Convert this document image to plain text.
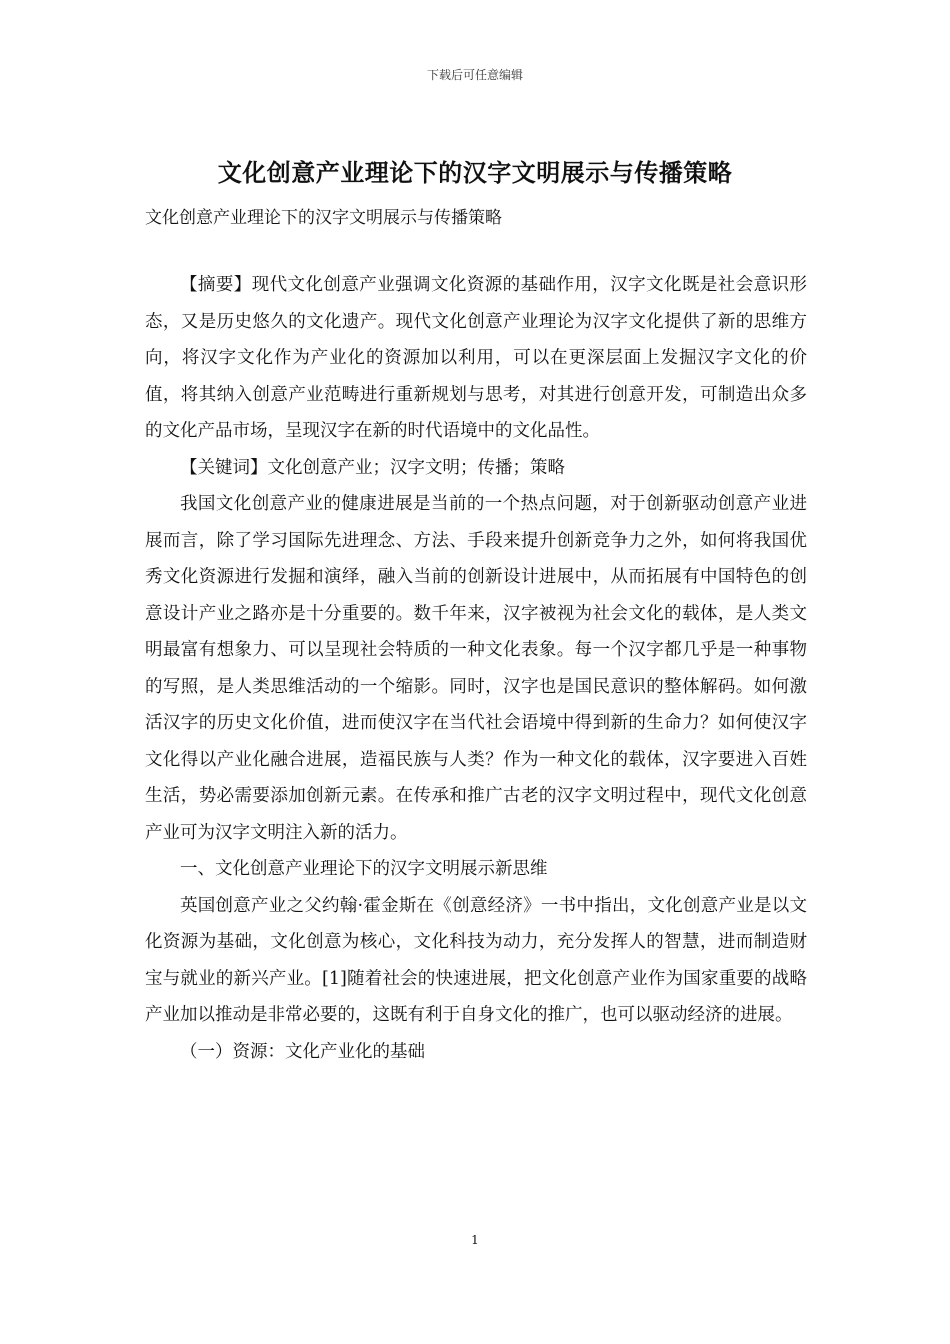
下载后可任意编辑
文化创意产业理论下的汉字文明展示与传播策略
文化创意产业理论下的汉字文明展示与传播策略

【摘要】现代文化创意产业强调文化资源的基础作用，汉字文化既是社会意识形态，又是历史悠久的文化遗产。现代文化创意产业理论为汉字文化提供了新的思维方向，将汉字文化作为产业化的资源加以利用，可以在更深层面上发掘汉字文化的价值，将其纳入创意产业范畴进行重新规划与思考，对其进行创意开发，可制造出众多的文化产品市场，呈现汉字在新的时代语境中的文化品性。

【关键词】文化创意产业；汉字文明；传播；策略

我国文化创意产业的健康进展是当前的一个热点问题，对于创新驱动创意产业进展而言，除了学习国际先进理念、方法、手段来提升创新竞争力之外，如何将我国优秀文化资源进行发掘和演绎，融入当前的创新设计进展中，从而拓展有中国特色的创意设计产业之路亦是十分重要的。数千年来，汉字被视为社会文化的载体，是人类文明最富有想象力、可以呈现社会特质的一种文化表象。每一个汉字都几乎是一种事物的写照，是人类思维活动的一个缩影。同时，汉字也是国民意识的整体解码。如何激活汉字的历史文化价值，进而使汉字在当代社会语境中得到新的生命力？如何使汉字文化得以产业化融合进展，造福民族与人类？作为一种文化的载体，汉字要进入百姓生活，势必需要添加创新元素。在传承和推广古老的汉字文明过程中，现代文化创意产业可为汉字文明注入新的活力。

一、文化创意产业理论下的汉字文明展示新思维

英国创意产业之父约翰·霍金斯在《创意经济》一书中指出，文化创意产业是以文化资源为基础，文化创意为核心，文化科技为动力，充分发挥人的智慧，进而制造财宝与就业的新兴产业。[1]随着社会的快速进展，把文化创意产业作为国家重要的战略产业加以推动是非常必要的，这既有利于自身文化的推广，也可以驱动经济的进展。

（一）资源：文化产业化的基础

1
